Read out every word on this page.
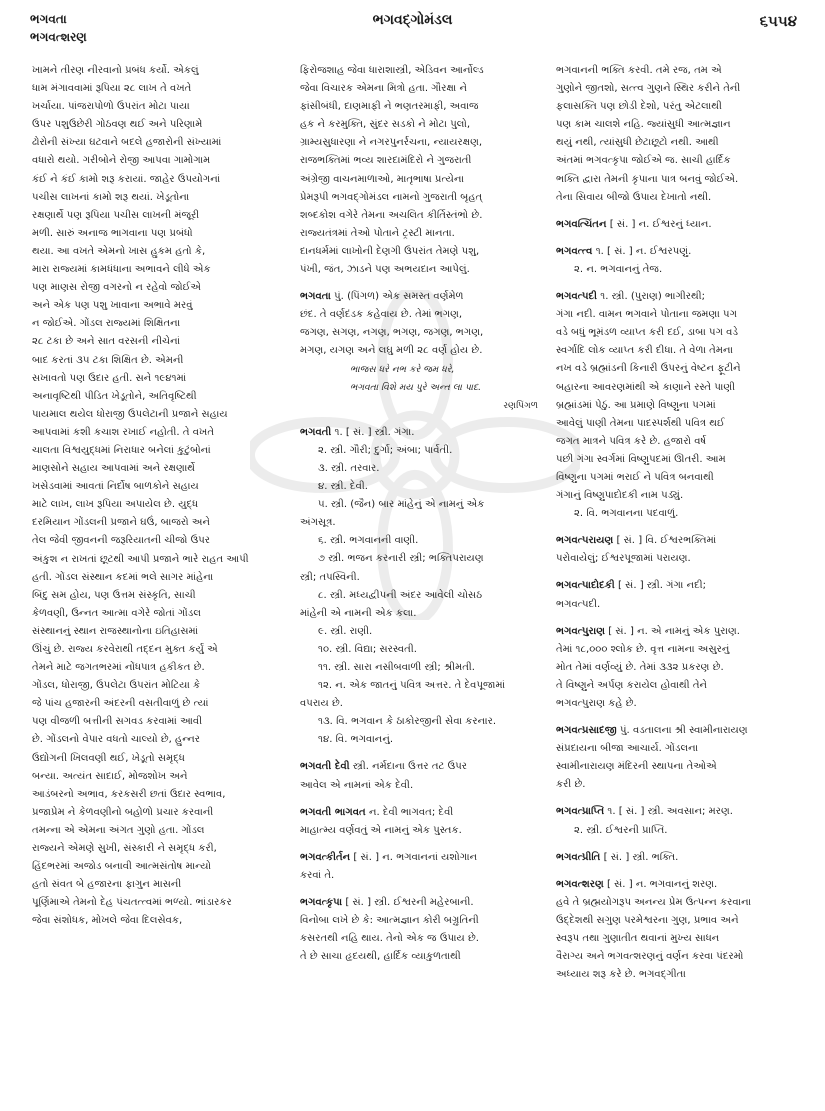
ભગવતા
ભગવત્શરણ
ભગવદ્ગોમંડલ	૬૫૫૪
ખામને તીરણ નીરવાનો પ્રબંધ કર્યો. એકલું
ધામ મંગાવવામાં રૂપિયા ૨૮ લાખ તે વખતે
ખર્ચાયા. પાંજરાપોળો ઉપરાંત મોટા પાયા
ઉપર પશુઉછેરી ગોઠવણ થઈ અને પરિણામે
ઢોરોની સંખ્યા ઘટવાને બદલે હજારોની સંખ્યામાં
વધારો થયો. ગરીબોને રોજી આપવા ગામોગામ
કંઈ ને કંઈ કામો શરૂ કરાયાં. જાહેર ઉપયોગનાં
પચીસ લાખનાં કામો શરૂ થયાં. ખેડૂતોના
રક્ષણાર્થે પણ રૂપિયા પચીસ લાખની મંજૂરી
મળી. સારું અનાજ ભાગવાના પણ પ્રબંધો
થયા. આ વખતે એમનો ખાસ હુકમ હતો કે,
મારા રાજ્યમાં કામધંધાના અભાવને લીધે એક
પણ માણસ રોજી વગરનો ન રહેવો જોઈએ
અને એક પણ પશુ ખાવાના અભાવે મરવું
ન જોઈએ. ગોંડલ રાજ્યમાં શિક્ષિતના
૨૮ ટકા છે અને સાત વરસની નીચેનાં
બાદ કરતાં ૩૫ ટકા શિક્ષિત છે. એમની
સખાવતો પણ ઉદાર હતી. સને ૧૯૪૧માં
અનાવૃષ્ટિથી પીડિત ખેડૂતોને, અતિવૃષ્ટિથી
પાયમાલ થયેલ ધોરાજી ઉપલેટાની પ્રજાને સહાય
આપવામાં કશી કચાશ રખાઈ નહોતી. તે વખતે
ચાલતા વિશ્વયુદ્ધમાં નિરાધાર બનેલાં કુટુંબોનાં
માણસોને સહાય આપવામાં અને રક્ષણાર્થે
ખસેડવામાં આવતાં નિર્દોષ બાળકોને સહાય
માટે લાખ, લાખ રૂપિયા અપાયેલ છે. યુદ્ધ
દરમિયાન ગોંડલની પ્રજાને ઘઉં, બાજરો અને
તેલ જેવી જીવનની જરૂરિયાતની ચીજો ઉપર
અંકુશ ન રાખતાં છૂટથી આપી પ્રજાને ભારે રાહત આપી
હતી. ગોંડલ સંસ્થાન કદમાં ભલે સાગર માંહેના
બિંદુ સમ હોય, પણ ઉત્તમ સંસ્કૃતિ, સાચી
કેળવણી, ઉન્નત આત્મા વગેરે જોતાં ગોંડલ
સંસ્થાનનું સ્થાન રાજસ્થાનોના ઇતિહાસમાં
ઊંચું છે. રાજ્ય કરવેરાથી તદ્દન મુક્ત કર્યું એ
તેમને માટે જગતભરમાં નોંધપાત્ર હકીકત છે.
ગોંડલ, ધોરાજી, ઉપલેટા ઉપરાંત મોટિયા કે
જે પાંચ હજારની અંદરની વસતીવાળું છે ત્યાં
પણ વીજળી બત્તીની સગવડ કરવામાં આવી
છે. ગોંડલનો વેપાર વધતો ચાલ્યો છે, હુન્નર
ઉદ્યોગની ખિલવણી થઈ, ખેડૂતો સમૃદ્ધ
બન્યા. અત્યંત સાદાઈ, મોજશોખ અને
આડંબરનો અભાવ, કરકસરી છતાં ઉદાર સ્વભાવ,
પ્રજાપ્રેમ ને કેળવણીનો બહોળો પ્રચાર કરવાની
તમન્ના એ એમના અંગત ગુણો હતા. ગોંડલ
રાજ્યને એમણે સુખી, સંસ્કારી ને સમૃદ્ધ કરી,
હિંદભરમાં અજોડ બનાવી આત્મસંતોષ માન્યો
હતો સંવત બે હજારના ફાગુન માસની
પૂર્ણિમાએ તેમનો દેહ પંચતત્ત્વમાં ભળ્યો. ભાંડારકર
જેવા સંશોધક, મોખલે જેવા દિલસેવક,
ફિરોજશાહ જેવા ધારાશાસ્ત્રી, એડિવન આર્નોલ્ડ
જેવા વિચારક એમના મિત્રો હતા. ગૌરક્ષા ને
ફાંસીબંધી, દાણમાફી ને ભણતરમાફી, અવાજ
હક ને કરમુક્તિ, સુંદર સડકો ને મોટા પુલો,
ગ્રામ્યસુધારણા ને નગરપુનર્રચના, ન્યાયરક્ષણ,
રાજભક્તિમાં ભવ્ય શારદામંદિરો ને ગુજરાતી
અંગ્રેજી વાચનમાળાઓ, માતૃભાષા પ્રત્યેના
પ્રેમરૂપી ભગવદ્ગોમંડલ નામનો ગુજરાતી બૃહત્
શબ્દકોશ વગેરે તેમના અચલિત કીર્તિસ્તંભો છે.
રાજ્યતંત્રમાં તેઓ પોતાને ટ્રસ્ટી માનતા.
દાનધર્મમાં લાખોની દેણગી ઉપરાંત તેમણે પશુ,
પંખી, જંત, ઝાડને પણ અભયદાન આપેલું.
ભગવતા પું. (પિંગળ) એક સમસ્ત વર્ણમેળ
છંદ. તે વર્ણદંડક કહેવાય છે. તેમાં ભગણ,
જગણ, સગણ, નગણ, ભગણ, જગણ, ભગણ,
મગણ, યગણ અને લઘુ મળી ૨૮ વર્ણ હોય છે.
ભાજસ ધરે નભ કરે જમ ધરે,
ભગવતા વિશે મય પુરે અન્ત લા પાદ.
રણપિંગળ
ભગવતી ૧. [ સં. ] સ્ત્રી. ગંગા.
૨. સ્ત્રી. ગૌરી; દુર્ગા; અંબા; પાર્વતી.
૩. સ્ત્રી. તરવાર.
૪. સ્ત્રી. દેવી.
૫. સ્ત્રી. (જૈન) બાર માંહેનું એ નામનું એક
અંગસૂત્ર.
૬. સ્ત્રી. ભગવાનની વાણી.
૭ સ્ત્રી. ભજન કરનારી સ્ત્રી; ભક્તિપરાયણ
સ્ત્રી; તપસ્વિની.
૮. સ્ત્રી. મધ્યદ્વીપની અંદર આવેલી ચોસઠ
માંહેની એ નામની એક કલા.
૯. સ્ત્રી. રાણી.
૧૦. સ્ત્રી. વિદ્યા; સરસ્વતી.
૧૧. સ્ત્રી. સારા નસીબવાળી સ્ત્રી; શ્રીમતી.
૧૨. ન. એક જાતનું પવિત્ર અત્તર. તે દેવપૂજામાં
વપરાય છે.
૧૩. વિ. ભગવાન કે ઠાકોરજીની સેવા કરનાર.
૧૪. વિ. ભગવાનનું.
ભગવતી દેવી સ્ત્રી. નર્મદાના ઉત્તર તટ ઉપર
આવેલ એ નામનાં એક દેવી.
ભગવતી ભાગવત ન. દેવી ભાગવત; દેવી
માહાત્મ્ય વર્ણવતું એ નામનું એક પુસ્તક.
ભગવત્કીર્તન [ સં. ] ન. ભગવાનનાં યશોગાન
કરવાં તે.
ભગવત્કૃપા [ સં. ] સ્ત્રી. ઈશ્વરની મહેરબાની.
વિનોબા લખે છે કે: આત્મજ્ઞાન કોરી બગ્રુતિની
કસરતથી નહિ થાય. તેનો એક જ ઉપાય છે.
તે છે સાચા હૃદયથી, હાર્દિક વ્યાકુળતાથી
ભગવાનની ભક્તિ કરવી. તમે રજ, તમ એ
ગુણોને જીતશો, સત્ત્વ ગુણને સ્થિર કરીને તેની
ફલાસક્તિ પણ છોડી દેશો, પરંતુ એટલાથી
પણ કામ ચાલશે નહિ. જ્યાંસુધી આત્મજ્ઞાન
થયું નથી, ત્યાંસુધી છેટાછૂટો નથી. આથી
અંતમાં ભગવત્કૃપા જોઈએ જ. સાચી હાર્દિક
ભક્તિ દ્વારા તેમની કૃપાના પાત્ર બનવું જોઈએ.
તેના સિવાય બીજો ઉપાય દેખાતો નથી.
ભગવત્ચિંતન [ સં. ] ન. ઈશ્વરનું ધ્યાન.
ભગવત્ત્વ ૧. [ સં. ] ન. ઈશ્વરપણું.
૨. ન. ભગવાનનું તેજ.
ભગવત્પદી ૧. સ્ત્રી. (પુરાણ) ભાગીરથી;
ગંગા નદી. વામન ભગવાને પોતાના જમણા પગ
વડે બધું ભૂમંડળ વ્યાપ્ત કરી દઈ, ડાબા પગ વડે
સ્વર્ગાદિ લોક વ્યાપ્ત કરી દીધા. તે વેળા તેમના
નખ વડે બ્રહ્માંડની કિનારી ઉપરનું વેષ્ટન ફૂટીને
બહારના આવરણમાંથી એ કાણાને રસ્તે પાણી
બ્રહ્માંડમાં પેઠું. આ પ્રમાણે વિષ્ણુના પગમાં
આવેલું પાણી તેમના પાદસ્પર્શથી પવિત્ર થઈ
જગત માત્રને પવિત્ર કરે છે. હજારો વર્ષ
પછી ગંગા સ્વર્ગમાં વિષ્ણુપદમાં ઊતરી. આમ
વિષ્ણુના પગમાં ભરાઈ ને પવિત્ર બનવાથી
ગંગાનું વિષ્ણુપાદોદકી નામ પડ્યું.
૨. વિ. ભગવાનના પદવાળું.
ભગવત્પરાયણ [ સં. ] વિ. ઈશ્વરભક્તિમાં
પરોવાયેલું; ઈશ્વરપૂજામાં પરાયણ.
ભગવત્પાદોદકી [ સં. ] સ્ત્રી. ગંગા નદી;
ભગવત્પદી.
ભગવત્પુરાણ [ સં. ] ન. એ નામનું એક પુરાણ.
તેમાં ૧૮,૦૦૦ શ્લોક છે. વૃત્ત નામના અસુરનું
મોત તેમાં વર્ણવ્યું છે. તેમાં ૩૩૨ પ્રકરણ છે.
તે વિષ્ણુને અર્પણ કરાયેલ હોવાથી તેને
ભગવત્પુરાણ કહે છે.
ભગવત્પ્રસાદજી પું. વડતાલના શ્રી સ્વામીનારાયણ
સંપ્રદાયના બીજા આચાર્ય. ગોંડલના
સ્વામીનારાયણ મંદિરની સ્થાપના તેઓએ
કરી છે.
ભગવત્પ્રાપ્તિ ૧. [ સં. ] સ્ત્રી. અવસાન; મરણ.
૨. સ્ત્રી. ઈશ્વરની પ્રાપ્તિ.
ભગવત્પ્રીતિ [ સં. ] સ્ત્રી. ભક્તિ.
ભગવત્શરણ [ સં. ] ન. ભગવાનનું શરણ.
હવે તે બ્રહ્મયોગરૂપ અનન્ય પ્રેમ ઉત્પન્ન કરવાના
ઉદ્દેશથી સગુણ પરમેશ્વરના ગુણ, પ્રભાવ અને
સ્વરૂપ તથા ગુણાતીત થવાનાં મુખ્ય સાધન
વૈરાગ્ય અને ભગવત્શરણનું વર્ણન કરવા પંદરમો
અધ્યાય શરૂ કરે છે. ભગવદ્ગીતા
